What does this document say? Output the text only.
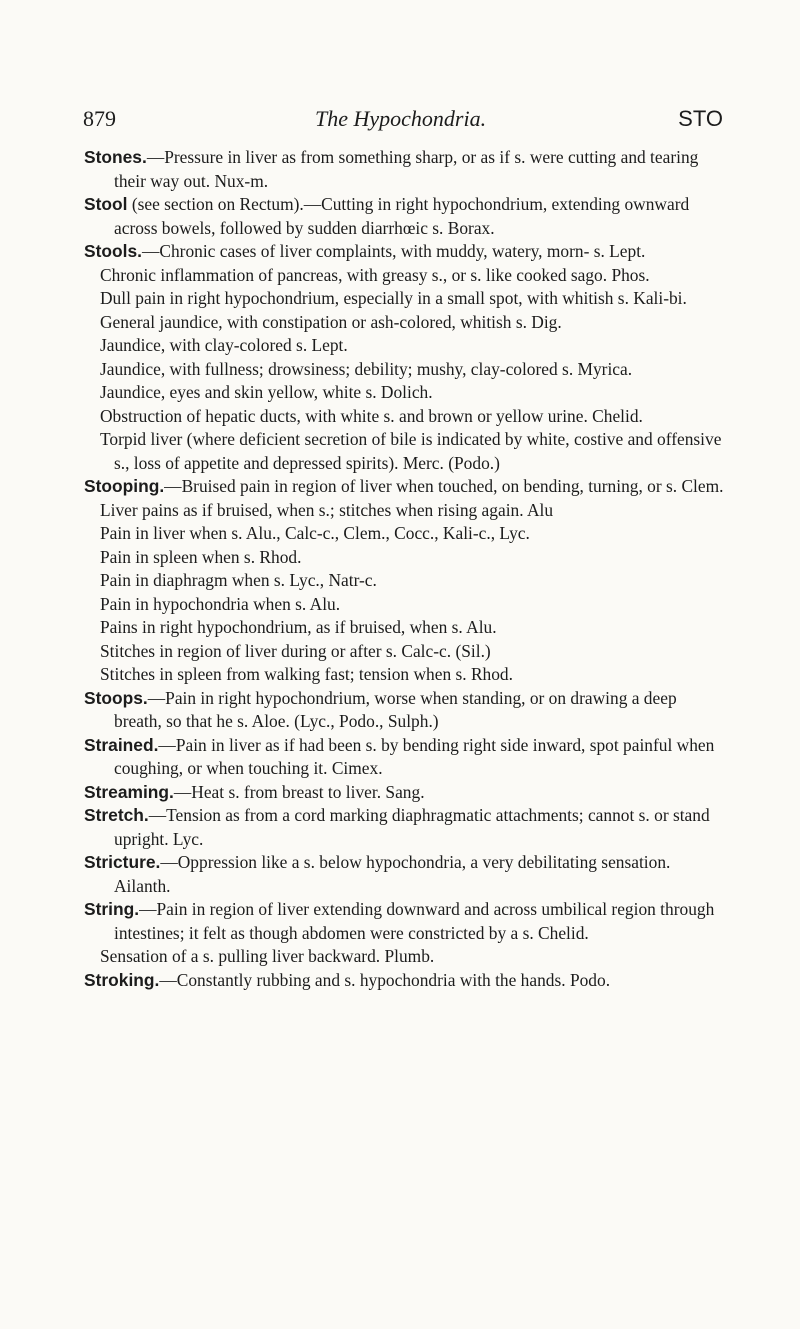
879	The Hypochondria.	STO

Stones.—Pressure in liver as from something sharp, or as if s. were cutting and tearing their way out. Nux-m.

Stool (see section on Rectum).—Cutting in right hypochondrium, extending ownward across bowels, followed by sudden diarrhœic s. Borax.

Stools.—Chronic cases of liver complaints, with muddy, watery, morn- s. Lept.

Chronic inflammation of pancreas, with greasy s., or s. like cooked sago. Phos.

Dull pain in right hypochondrium, especially in a small spot, with whitish s. Kali-bi.

General jaundice, with constipation or ash-colored, whitish s. Dig.

Jaundice, with clay-colored s. Lept.

Jaundice, with fullness; drowsiness; debility; mushy, clay-colored s. Myrica.

Jaundice, eyes and skin yellow, white s. Dolich.

Obstruction of hepatic ducts, with white s. and brown or yellow urine. Chelid.

Torpid liver (where deficient secretion of bile is indicated by white, costive and offensive s., loss of appetite and depressed spirits). Merc. (Podo.)

Stooping.—Bruised pain in region of liver when touched, on bending, turning, or s. Clem.

Liver pains as if bruised, when s.; stitches when rising again. Alu

Pain in liver when s. Alu., Calc-c., Clem., Cocc., Kali-c., Lyc.

Pain in spleen when s. Rhod.

Pain in diaphragm when s. Lyc., Natr-c.

Pain in hypochondria when s. Alu.

Pains in right hypochondrium, as if bruised, when s. Alu.

Stitches in region of liver during or after s. Calc-c. (Sil.)

Stitches in spleen from walking fast; tension when s. Rhod.

Stoops.—Pain in right hypochondrium, worse when standing, or on drawing a deep breath, so that he s. Aloe. (Lyc., Podo., Sulph.)

Strained.—Pain in liver as if had been s. by bending right side inward, spot painful when coughing, or when touching it. Cimex.

Streaming.—Heat s. from breast to liver. Sang.

Stretch.—Tension as from a cord marking diaphragmatic attachments; cannot s. or stand upright. Lyc.

Stricture.—Oppression like a s. below hypochondria, a very debilitating sensation. Ailanth.

String.—Pain in region of liver extending downward and across umbilical region through intestines; it felt as though abdomen were constricted by a s. Chelid.

Sensation of a s. pulling liver backward. Plumb.

Stroking.—Constantly rubbing and s. hypochondria with the hands. Podo.
